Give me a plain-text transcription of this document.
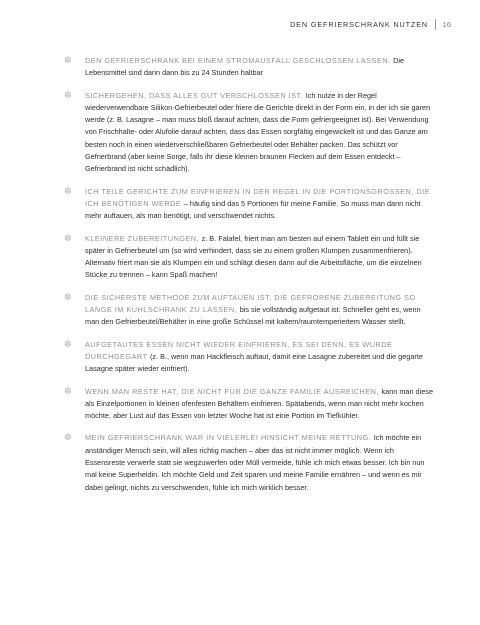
DEN GEFRIERSCHRANK NUTZEN 16
❆ DEN GEFRIERSCHRANK BEI EINEM STROMAUSFALL GESCHLOSSEN LASSEN. Die Lebensmittel sind darin dann bis zu 24 Stunden haltbar
❆ SICHERGEHEN, DASS ALLES GUT VERSCHLOSSEN IST. Ich nutze in der Regel wiederverwendbare Silikon-Gefrierbeutel oder friere die Gerichte direkt in der Form ein, in der ich sie garen werde (z. B. Lasagne – man muss bloß darauf achten, dass die Form gefriergeeignet ist). Bei Verwendung von Frischhalte- oder Alufolie darauf achten, dass das Essen sorgfältig eingewickelt ist und das Ganze am besten noch in einen wiederverschließbaren Gefrierbeutel oder Behälter packen. Das schützt vor Gefrierbrand (aber keine Sorge, falls ihr diese kleinen braunen Flecken auf dem Essen entdeckt – Gefrierbrand ist nicht schädlich).
❆ ICH TEILE GERICHTE ZUM EINFRIEREN IN DER REGEL IN DIE PORTIONSGRÖSSEN, DIE ICH BENÖTIGEN WERDE – häufig sind das 5 Portionen für meine Familie. So muss man dann nicht mehr auftauen, als man benötigt, und verschwendet nichts.
❆ KLEINERE ZUBEREITUNGEN, z. B. Falafel, friert man am besten auf einem Tablett ein und füllt sie später in Gefrierbeutel um (so wird verhindert, dass sie zu einem großen Klumpen zusammenfrieren). Alternativ friert man sie als Klumpen ein und schlägt diesen dann auf die Arbeitsfläche, um die einzelnen Stücke zu trennen – kann Spaß machen!
❆ DIE SICHERSTE METHODE ZUM AUFTAUEN IST, DIE GEFRORENE ZUBEREITUNG SO LANGE IM KÜHLSCHRANK ZU LASSEN, bis sie vollständig aufgetaut ist. Schneller geht es, wenn man den Gefrierbeutel/Behälter in eine große Schüssel mit kaltem/raumtemperiertem Wasser stellt.
❆ AUFGETAUTES ESSEN NICHT WIEDER EINFRIEREN, ES SEI DENN, ES WURDE DURCHGEGART (z. B., wenn man Hackfleisch auftaut, damit eine Lasagne zubereitet und die gegarte Lasagne später wieder einfriert).
❆ WENN MAN RESTE HAT, DIE NICHT FÜR DIE GANZE FAMILIE AUSREICHEN, kann man diese als Einzelportionen in kleinen ofenfesten Behältern einfrieren. Spätabends, wenn man nicht mehr kochen möchte, aber Lust auf das Essen von letzter Woche hat ist eine Portion im Tiefkühler.
❆ MEIN GEFRIERSCHRANK WAR IN VIELERLEI HINSICHT MEINE RETTUNG. Ich möchte ein anständiger Mensch sein, will alles richtig machen – aber das ist nicht immer möglich. Wenn ich Essensreste verwerfe statt sie wegzuwerfen oder Müll vermeide, fühle ich mich etwas besser. Ich bin nun mal keine Superheldin. Ich möchte Geld und Zeit sparen und meine Familie ernähren – und wenn es mir dabei gelingt, nichts zu verschwenden, fühle ich mich wirklich besser.
